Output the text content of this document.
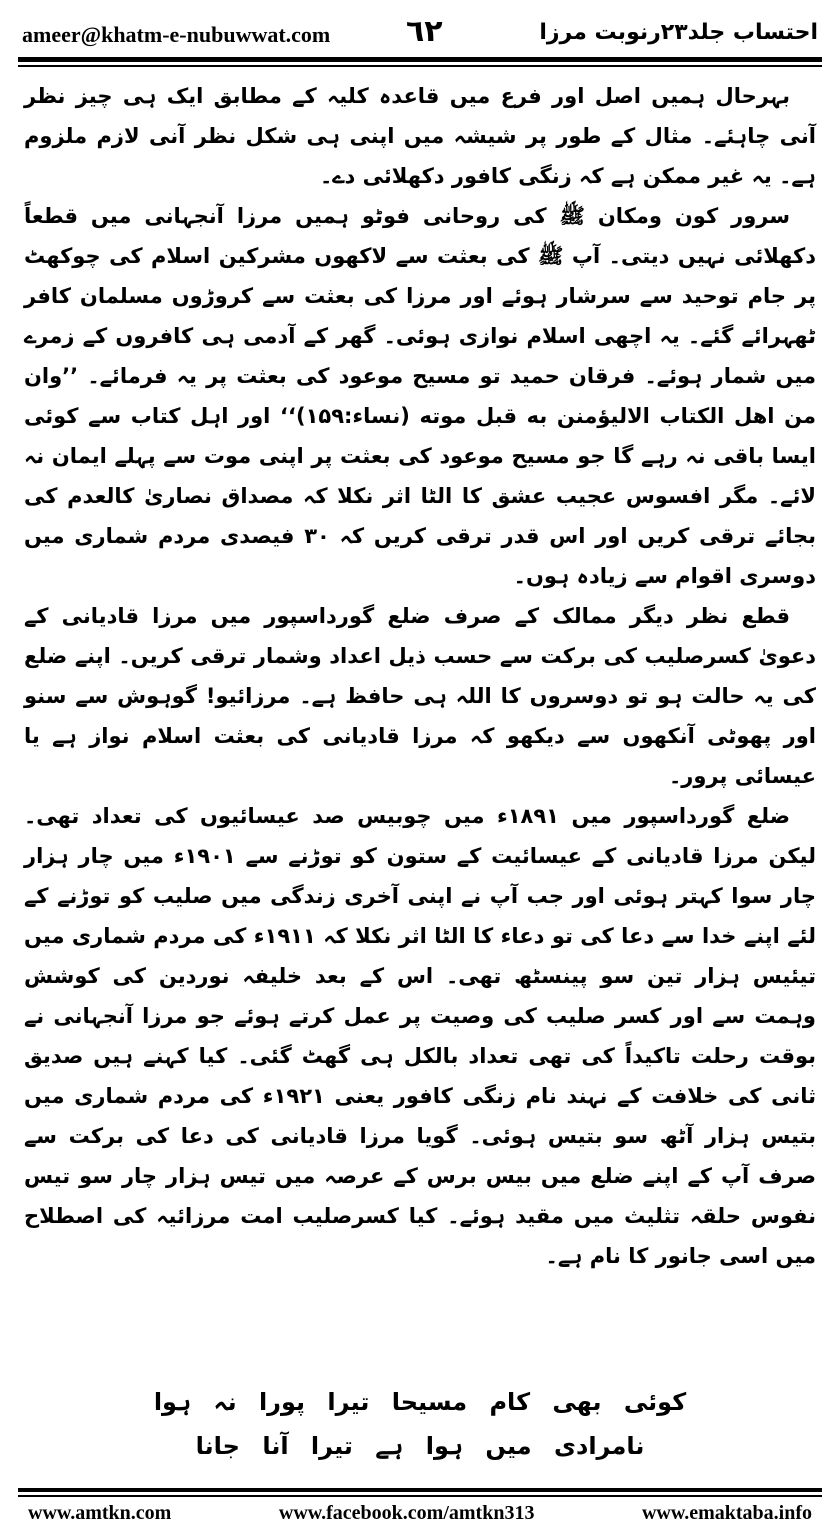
ameer@khatm-e-nubuwwat.com	٦٢	احتساب جلد۲۳رنوبت مرزا

بہرحال ہمیں اصل اور فرع میں قاعدہ کلیہ کے مطابق ایک ہی چیز نظر آنی چاہئے۔ مثال کے طور پر شیشہ میں اپنی ہی شکل نظر آنی لازم ملزوم ہے۔ یہ غیر ممکن ہے کہ زنگی کافور دکھلائی دے۔

سرور کون ومکان ﷺ کی روحانی فوٹو ہمیں مرزا آنجہانی میں قطعاً دکھلائی نہیں دیتی۔ آپ ﷺ کی بعثت سے لاکھوں مشرکین اسلام کی چوکھٹ پر جام توحید سے سرشار ہوئے اور مرزا کی بعثت سے کروڑوں مسلمان کافر ٹھہرائے گئے۔ یہ اچھی اسلام نوازی ہوئی۔ گھر کے آدمی ہی کافروں کے زمرے میں شمار ہوئے۔ فرقان حمید تو مسیح موعود کی بعثت پر یہ فرمائے۔ ’’وان من اهل الکتاب الالیؤمنن به قبل موته (نساء:۱۵۹)‘‘ اور اہل کتاب سے کوئی ایسا باقی نہ رہے گا جو مسیح موعود کی بعثت پر اپنی موت سے پہلے ایمان نہ لائے۔ مگر افسوس عجیب عشق کا الٹا اثر نکلا کہ مصداق نصاریٰ کالعدم کی بجائے ترقی کریں اور اس قدر ترقی کریں کہ ۳۰ فیصدی مردم شماری میں دوسری اقوام سے زیادہ ہوں۔

قطع نظر دیگر ممالک کے صرف ضلع گورداسپور میں مرزا قادیانی کے دعویٰ کسرصلیب کی برکت سے حسب ذیل اعداد وشمار ترقی کریں۔ اپنے ضلع کی یہ حالت ہو تو دوسروں کا اللہ ہی حافظ ہے۔ مرزائیو! گوہوش سے سنو اور پھوٹی آنکھوں سے دیکھو کہ مرزا قادیانی کی بعثت اسلام نواز ہے یا عیسائی پرور۔

ضلع گورداسپور میں ۱۸۹۱ء میں چوبیس صد عیسائیوں کی تعداد تھی۔ لیکن مرزا قادیانی کے عیسائیت کے ستون کو توڑنے سے ۱۹۰۱ء میں چار ہزار چار سوا کہتر ہوئی اور جب آپ نے اپنی آخری زندگی میں صلیب کو توڑنے کے لئے اپنے خدا سے دعا کی تو دعاء کا الٹا اثر نکلا کہ ۱۹۱۱ء کی مردم شماری میں تیئیس ہزار تین سو پینسٹھ تھی۔ اس کے بعد خلیفہ نوردین کی کوشش وہمت سے اور کسر صلیب کی وصیت پر عمل کرتے ہوئے جو مرزا آنجہانی نے بوقت رحلت تاکیداً کی تھی تعداد بالکل ہی گھٹ گئی۔ کیا کہنے ہیں صدیق ثانی کی خلافت کے نہند نام زنگی کافور یعنی ۱۹۲۱ء کی مردم شماری میں بتیس ہزار آٹھ سو بتیس ہوئی۔ گویا مرزا قادیانی کی دعا کی برکت سے صرف آپ کے اپنے ضلع میں بیس برس کے عرصہ میں تیس ہزار چار سو تیس نفوس حلقہ تثلیث میں مقید ہوئے۔ کیا کسرصلیب امت مرزائیہ کی اصطلاح میں اسی جانور کا نام ہے۔

کوئی بھی کام مسیحا تیرا پورا نہ ہوا
نامرادی میں ہوا ہے تیرا آنا جانا
www.amtkn.com	www.facebook.com/amtkn313	www.emaktaba.info
